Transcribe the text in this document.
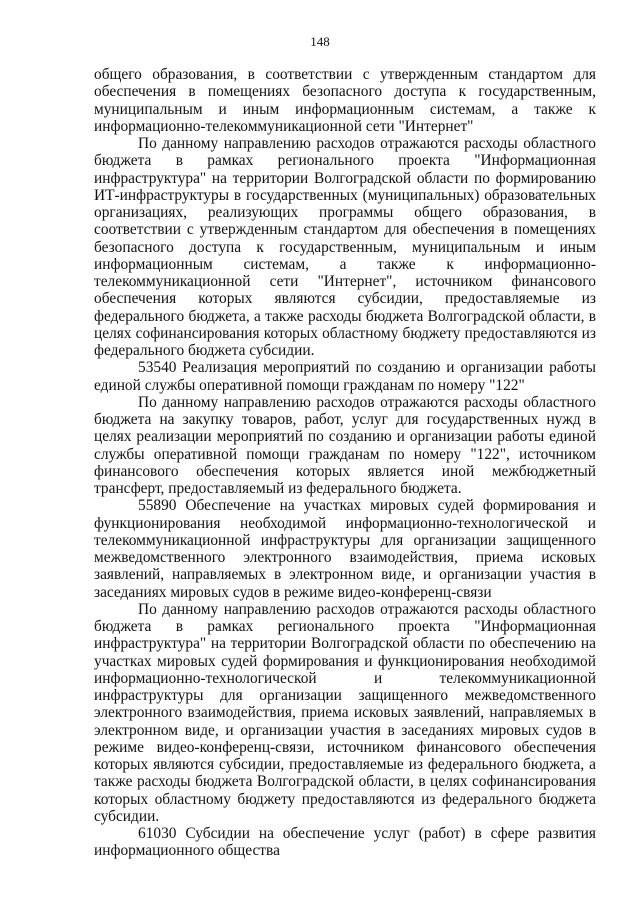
148

общего образования, в соответствии с утвержденным стандартом для обеспечения в помещениях безопасного доступа к государственным, муниципальным и иным информационным системам, а также к информационно-телекоммуникационной сети "Интернет"

По данному направлению расходов отражаются расходы областного бюджета в рамках регионального проекта "Информационная инфраструктура" на территории Волгоградской области по формированию ИТ-инфраструктуры в государственных (муниципальных) образовательных организациях, реализующих программы общего образования, в соответствии с утвержденным стандартом для обеспечения в помещениях безопасного доступа к государственным, муниципальным и иным информационным системам, а также к информационно-телекоммуникационной сети "Интернет", источником финансового обеспечения которых являются субсидии, предоставляемые из федерального бюджета, а также расходы бюджета Волгоградской области, в целях софинансирования которых областному бюджету предоставляются из федерального бюджета субсидии.

53540 Реализация мероприятий по созданию и организации работы единой службы оперативной помощи гражданам по номеру "122"

По данному направлению расходов отражаются расходы областного бюджета на закупку товаров, работ, услуг для государственных нужд в целях реализации мероприятий по созданию и организации работы единой службы оперативной помощи гражданам по номеру "122", источником финансового обеспечения которых является иной межбюджетный трансферт, предоставляемый из федерального бюджета.

55890 Обеспечение на участках мировых судей формирования и функционирования необходимой информационно-технологической и телекоммуникационной инфраструктуры для организации защищенного межведомственного электронного взаимодействия, приема исковых заявлений, направляемых в электронном виде, и организации участия в заседаниях мировых судов в режиме видео-конференц-связи

По данному направлению расходов отражаются расходы областного бюджета в рамках регионального проекта "Информационная инфраструктура" на территории Волгоградской области по обеспечению на участках мировых судей формирования и функционирования необходимой информационно-технологической и телекоммуникационной инфраструктуры для организации защищенного межведомственного электронного взаимодействия, приема исковых заявлений, направляемых в электронном виде, и организации участия в заседаниях мировых судов в режиме видео-конференц-связи, источником финансового обеспечения которых являются субсидии, предоставляемые из федерального бюджета, а также расходы бюджета Волгоградской области, в целях софинансирования которых областному бюджету предоставляются из федерального бюджета субсидии.

61030 Субсидии на обеспечение услуг (работ) в сфере развития информационного общества
